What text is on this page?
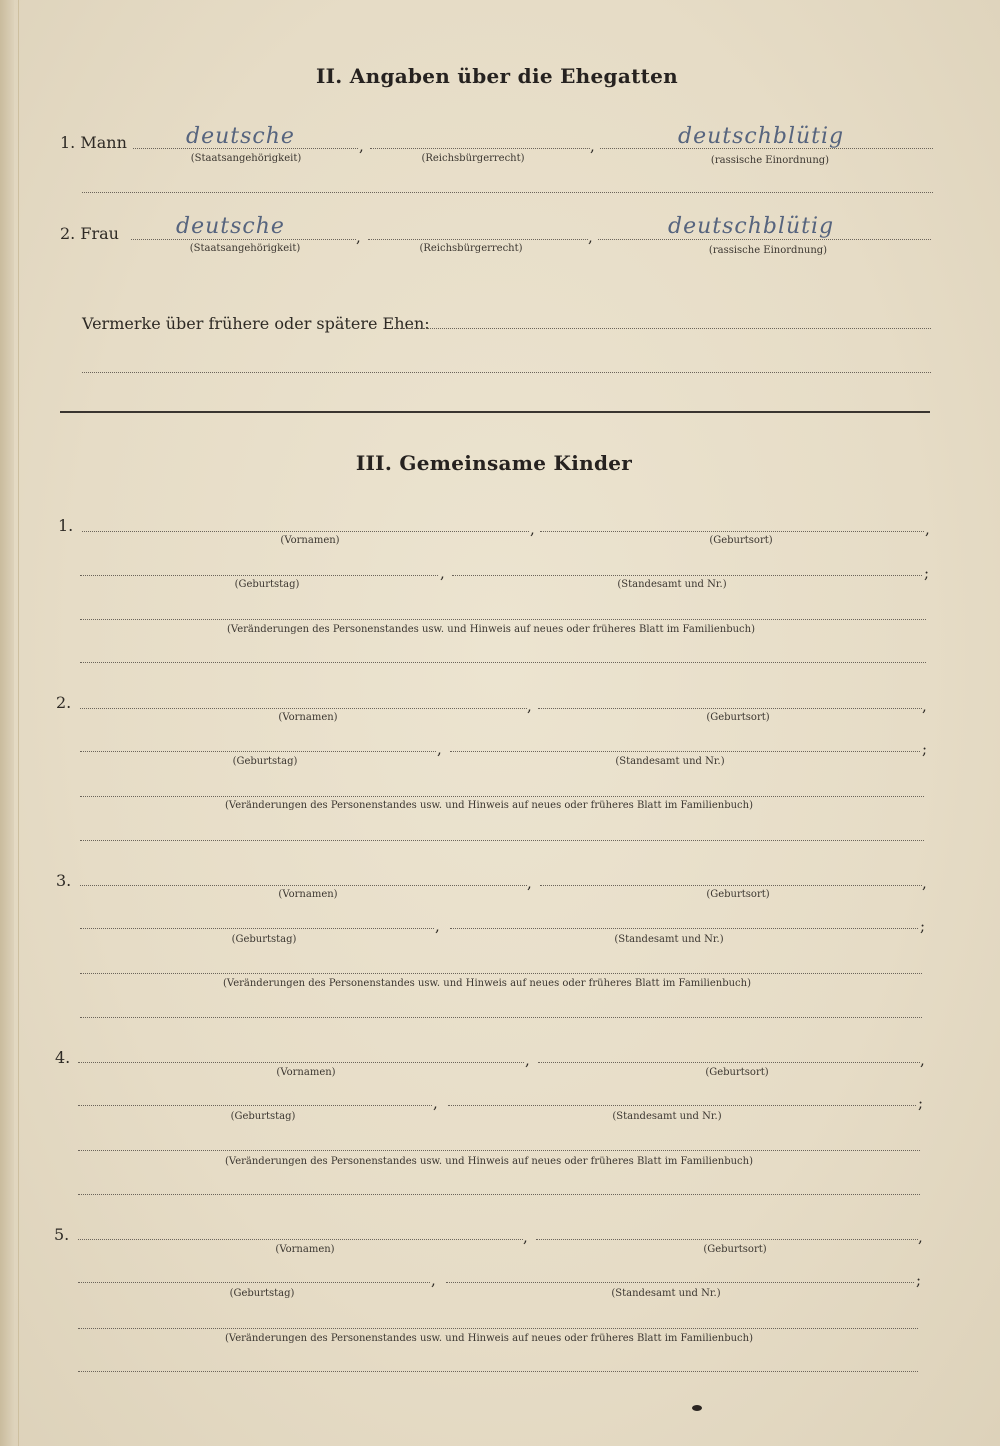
II. Angaben über die Ehegatten
1. Mann	deutsche	,	,	deutschblütig
(Staatsangehörigkeit)	(Reichsbürgerrecht)	(rassische Einordnung)
2. Frau	deutsche	,	,	deutschblütig
(Staatsangehörigkeit)	(Reichsbürgerrecht)	(rassische Einordnung)
Vermerke über frühere oder spätere Ehen:
III. Gemeinsame Kinder
1.	,	,
(Vornamen)	(Geburtsort)
,	;
(Geburtstag)	(Standesamt und Nr.)
(Veränderungen des Personenstandes usw. und Hinweis auf neues oder früheres Blatt im Familienbuch)
2.	,	,
(Vornamen)	(Geburtsort)
,	;
(Geburtstag)	(Standesamt und Nr.)
(Veränderungen des Personenstandes usw. und Hinweis auf neues oder früheres Blatt im Familienbuch)
3.	,	,
(Vornamen)	(Geburtsort)
,	;
(Geburtstag)	(Standesamt und Nr.)
(Veränderungen des Personenstandes usw. und Hinweis auf neues oder früheres Blatt im Familienbuch)
4.	,	,
(Vornamen)	(Geburtsort)
,	;
(Geburtstag)	(Standesamt und Nr.)
(Veränderungen des Personenstandes usw. und Hinweis auf neues oder früheres Blatt im Familienbuch)
5.	,	,
(Vornamen)	(Geburtsort)
,	;
(Geburtstag)	(Standesamt und Nr.)
(Veränderungen des Personenstandes usw. und Hinweis auf neues oder früheres Blatt im Familienbuch)
